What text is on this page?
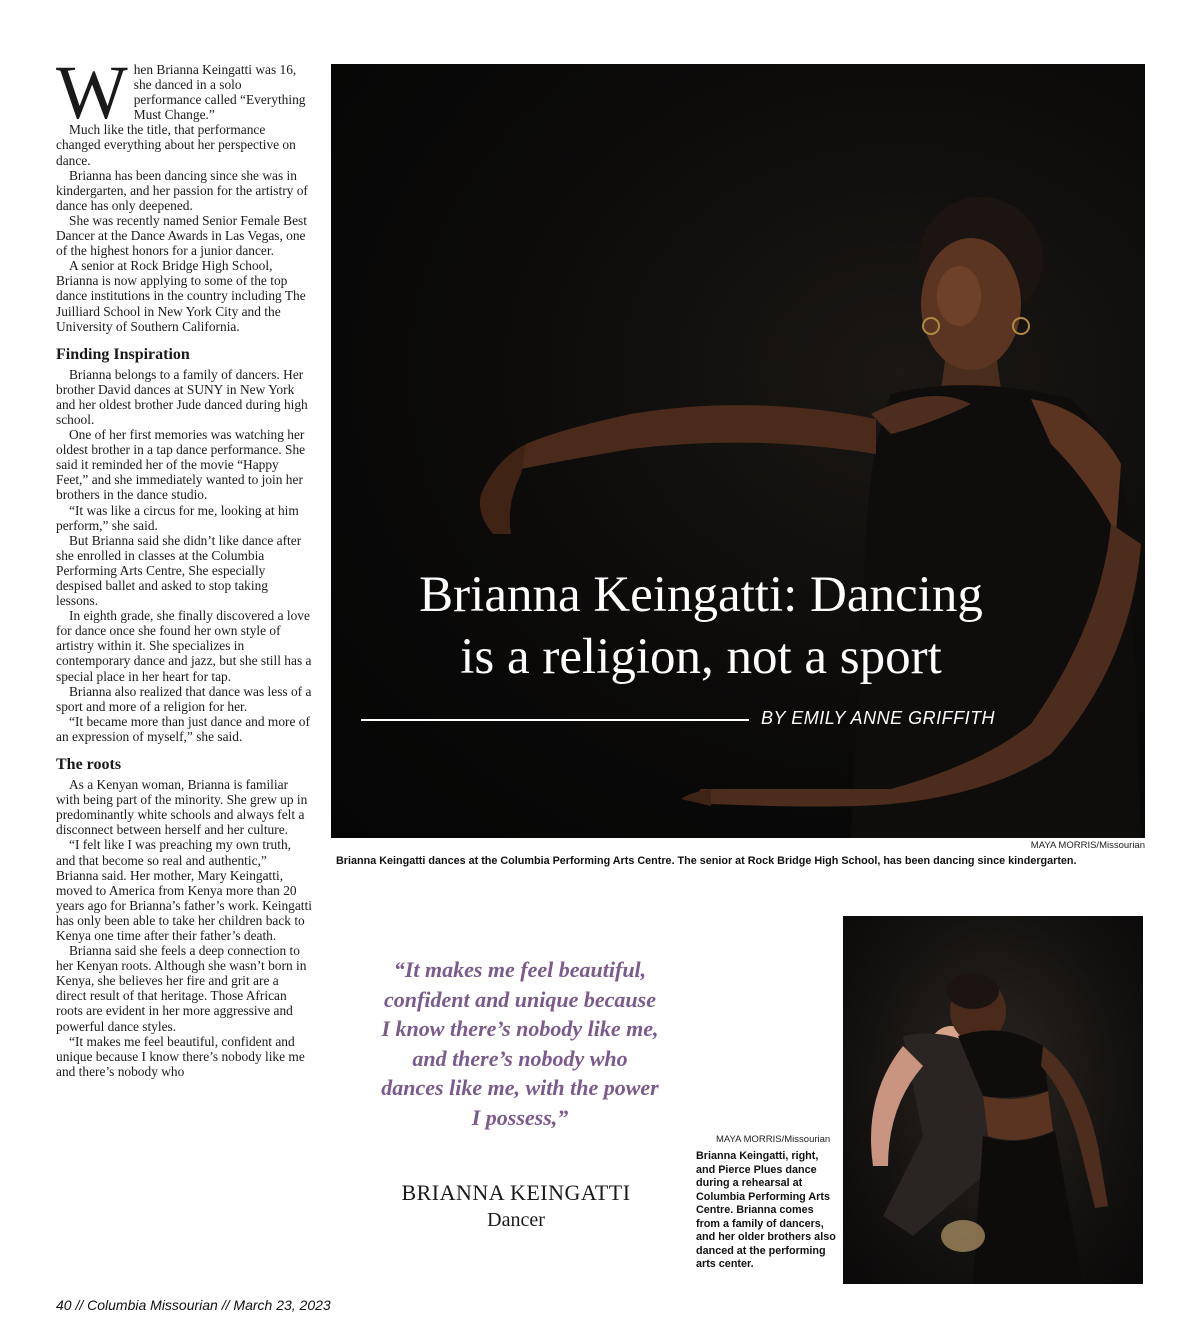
When Brianna Keingatti was 16, she danced in a solo performance called “Everything Must Change.”

Much like the title, that performance changed everything about her perspective on dance.

Brianna has been dancing since she was in kindergarten, and her passion for the artistry of dance has only deepened.

She was recently named Senior Female Best Dancer at the Dance Awards in Las Vegas, one of the highest honors for a junior dancer.

A senior at Rock Bridge High School, Brianna is now applying to some of the top dance institutions in the country including The Juilliard School in New York City and the University of Southern California.

Finding Inspiration

Brianna belongs to a family of dancers. Her brother David dances at SUNY in New York and her oldest brother Jude danced during high school.

One of her first memories was watching her oldest brother in a tap dance performance. She said it reminded her of the movie “Happy Feet,” and she immediately wanted to join her brothers in the dance studio.

“It was like a circus for me, looking at him perform,” she said.

But Brianna said she didn’t like dance after she enrolled in classes at the Columbia Performing Arts Centre, She especially despised ballet and asked to stop taking lessons.

In eighth grade, she finally discovered a love for dance once she found her own style of artistry within it. She specializes in contemporary dance and jazz, but she still has a special place in her heart for tap.

Brianna also realized that dance was less of a sport and more of a religion for her.

“It became more than just dance and more of an expression of myself,” she said.

The roots

As a Kenyan woman, Brianna is familiar with being part of the minority. She grew up in predominantly white schools and always felt a disconnect between herself and her culture.

“I felt like I was preaching my own truth, and that become so real and authentic,” Brianna said. Her mother, Mary Keingatti, moved to America from Kenya more than 20 years ago for Brianna’s father’s work. Keingatti has only been able to take her children back to Kenya one time after their father’s death.

Brianna said she feels a deep connection to her Kenyan roots. Although she wasn’t born in Kenya, she believes her fire and grit are a direct result of that heritage. Those African roots are evident in her more aggressive and powerful dance styles.

“It makes me feel beautiful, confident and unique because I know there’s nobody like me and there’s nobody who

Brianna Keingatti: Dancing
is a religion, not a sport
BY EMILY ANNE GRIFFITH
MAYA MORRIS/Missourian
Brianna Keingatti dances at the Columbia Performing Arts Centre. The senior at Rock Bridge High School, has been dancing since kindergarten.

“It makes me feel beautiful, confident and unique because I know there’s nobody like me, and there’s nobody who dances like me, with the power I possess,”

BRIANNA KEINGATTI
Dancer
MAYA MORRIS/Missourian

Brianna Keingatti, right, and Pierce Plues dance during a rehearsal at Columbia Performing Arts Centre. Brianna comes from a family of dancers, and her older brothers also danced at the performing arts center.

40 // Columbia Missourian // March 23, 2023
